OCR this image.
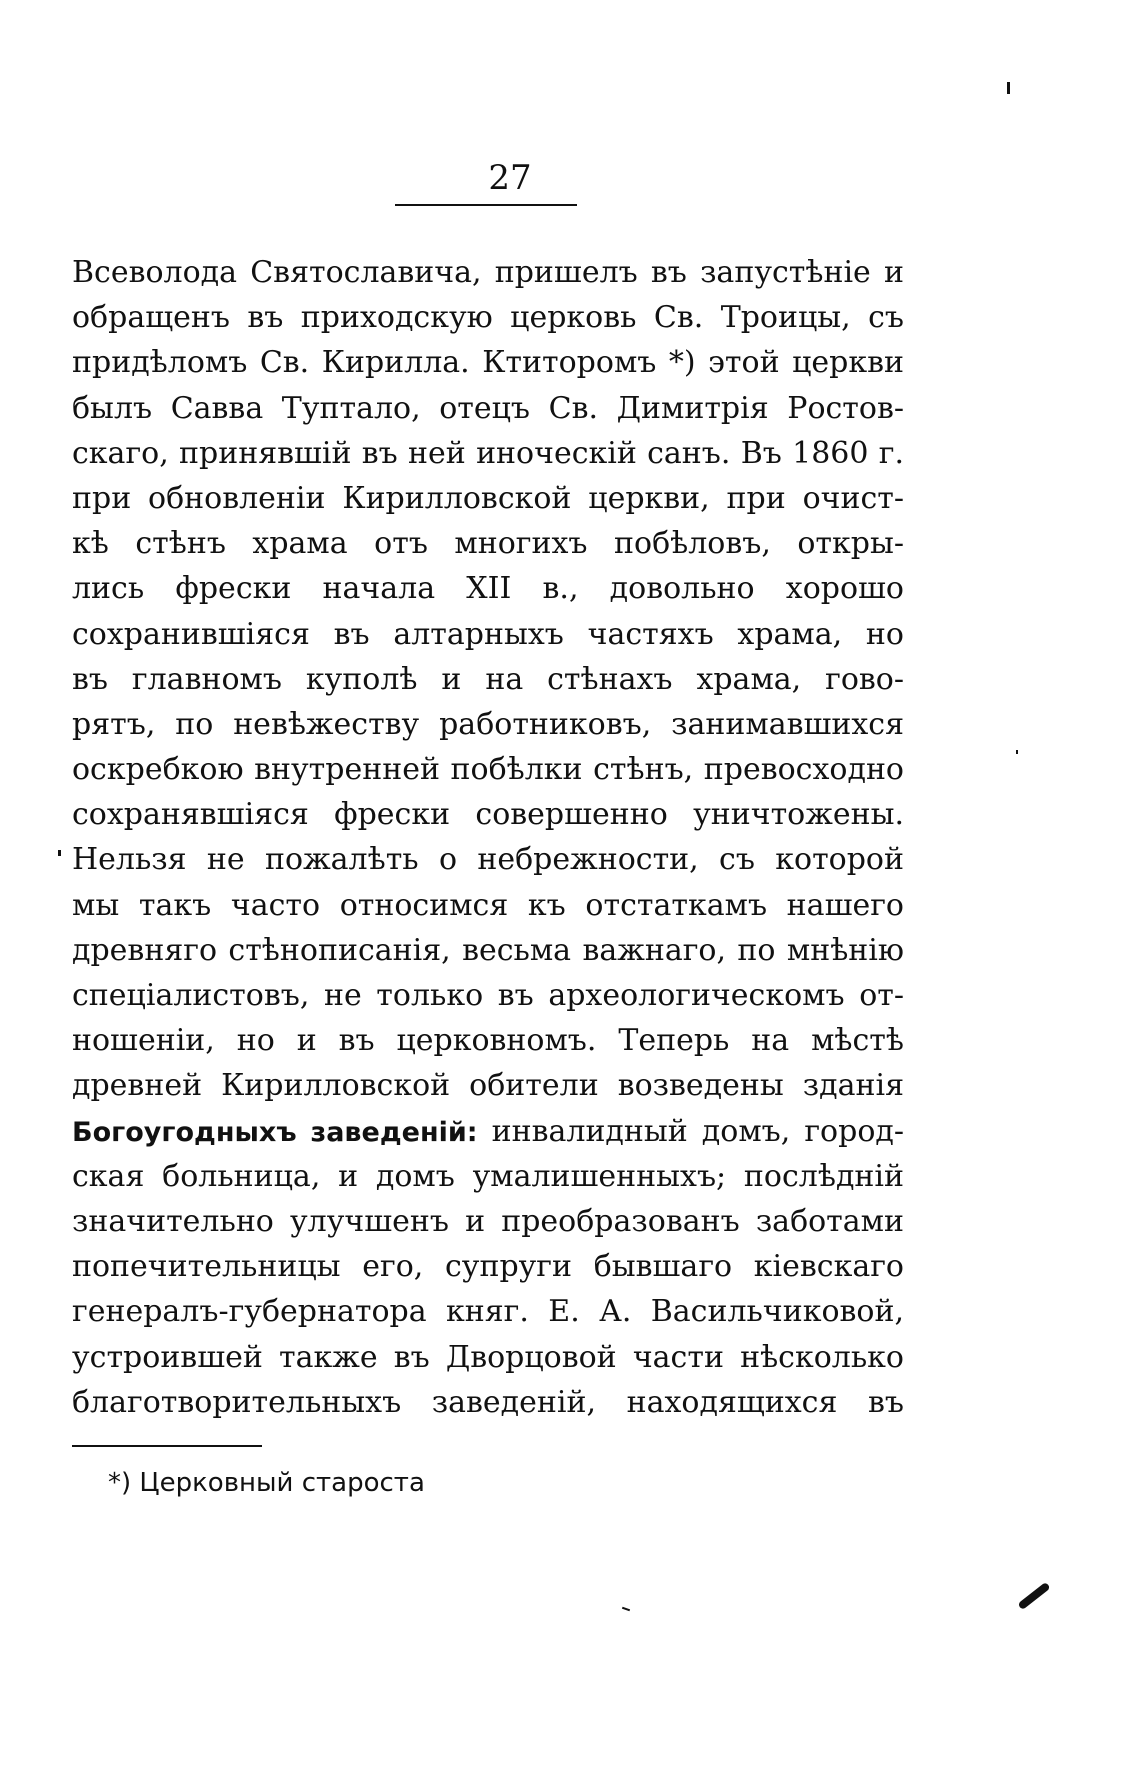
27
Всеволода Святославича, пришелъ въ запустѣніе и
обращенъ въ приходскую церковь Св. Троицы, съ
придѣломъ Св. Кирилла. Ктиторомъ *) этой церкви
былъ Савва Туптало, отецъ Св. Димитрія Ростов-
скаго, принявшій въ ней иноческій санъ. Въ 1860 г.
при обновленіи Кирилловской церкви, при очист-
кѣ стѣнъ храма отъ многихъ побѣловъ, откры-
лись фрески начала XII в., довольно хорошо
сохранившіяся въ алтарныхъ частяхъ храма, но
въ главномъ куполѣ и на стѣнахъ храма, гово-
рятъ, по невѣжеству работниковъ, занимавшихся
оскребкою внутренней побѣлки стѣнъ, превосходно
сохранявшіяся фрески совершенно уничтожены.
Нельзя не пожалѣть о небрежности, съ которой
мы такъ часто относимся къ отстаткамъ нашего
древняго стѣнописанія, весьма важнаго, по мнѣнію
спеціалистовъ, не только въ археологическомъ от-
ношеніи, но и въ церковномъ. Теперь на мѣстѣ
древней Кирилловской обители возведены зданія
Богоугодныхъ заведеній: инвалидный домъ, город-
ская больница, и домъ умалишенныхъ; послѣдній
значительно улучшенъ и преобразованъ заботами
попечительницы его, супруги бывшаго кіевскаго
генералъ-губернатора княг. Е. А. Васильчиковой,
устроившей также въ Дворцовой части нѣсколько
благотворительныхъ заведеній, находящихся въ
*) Церковный староста
